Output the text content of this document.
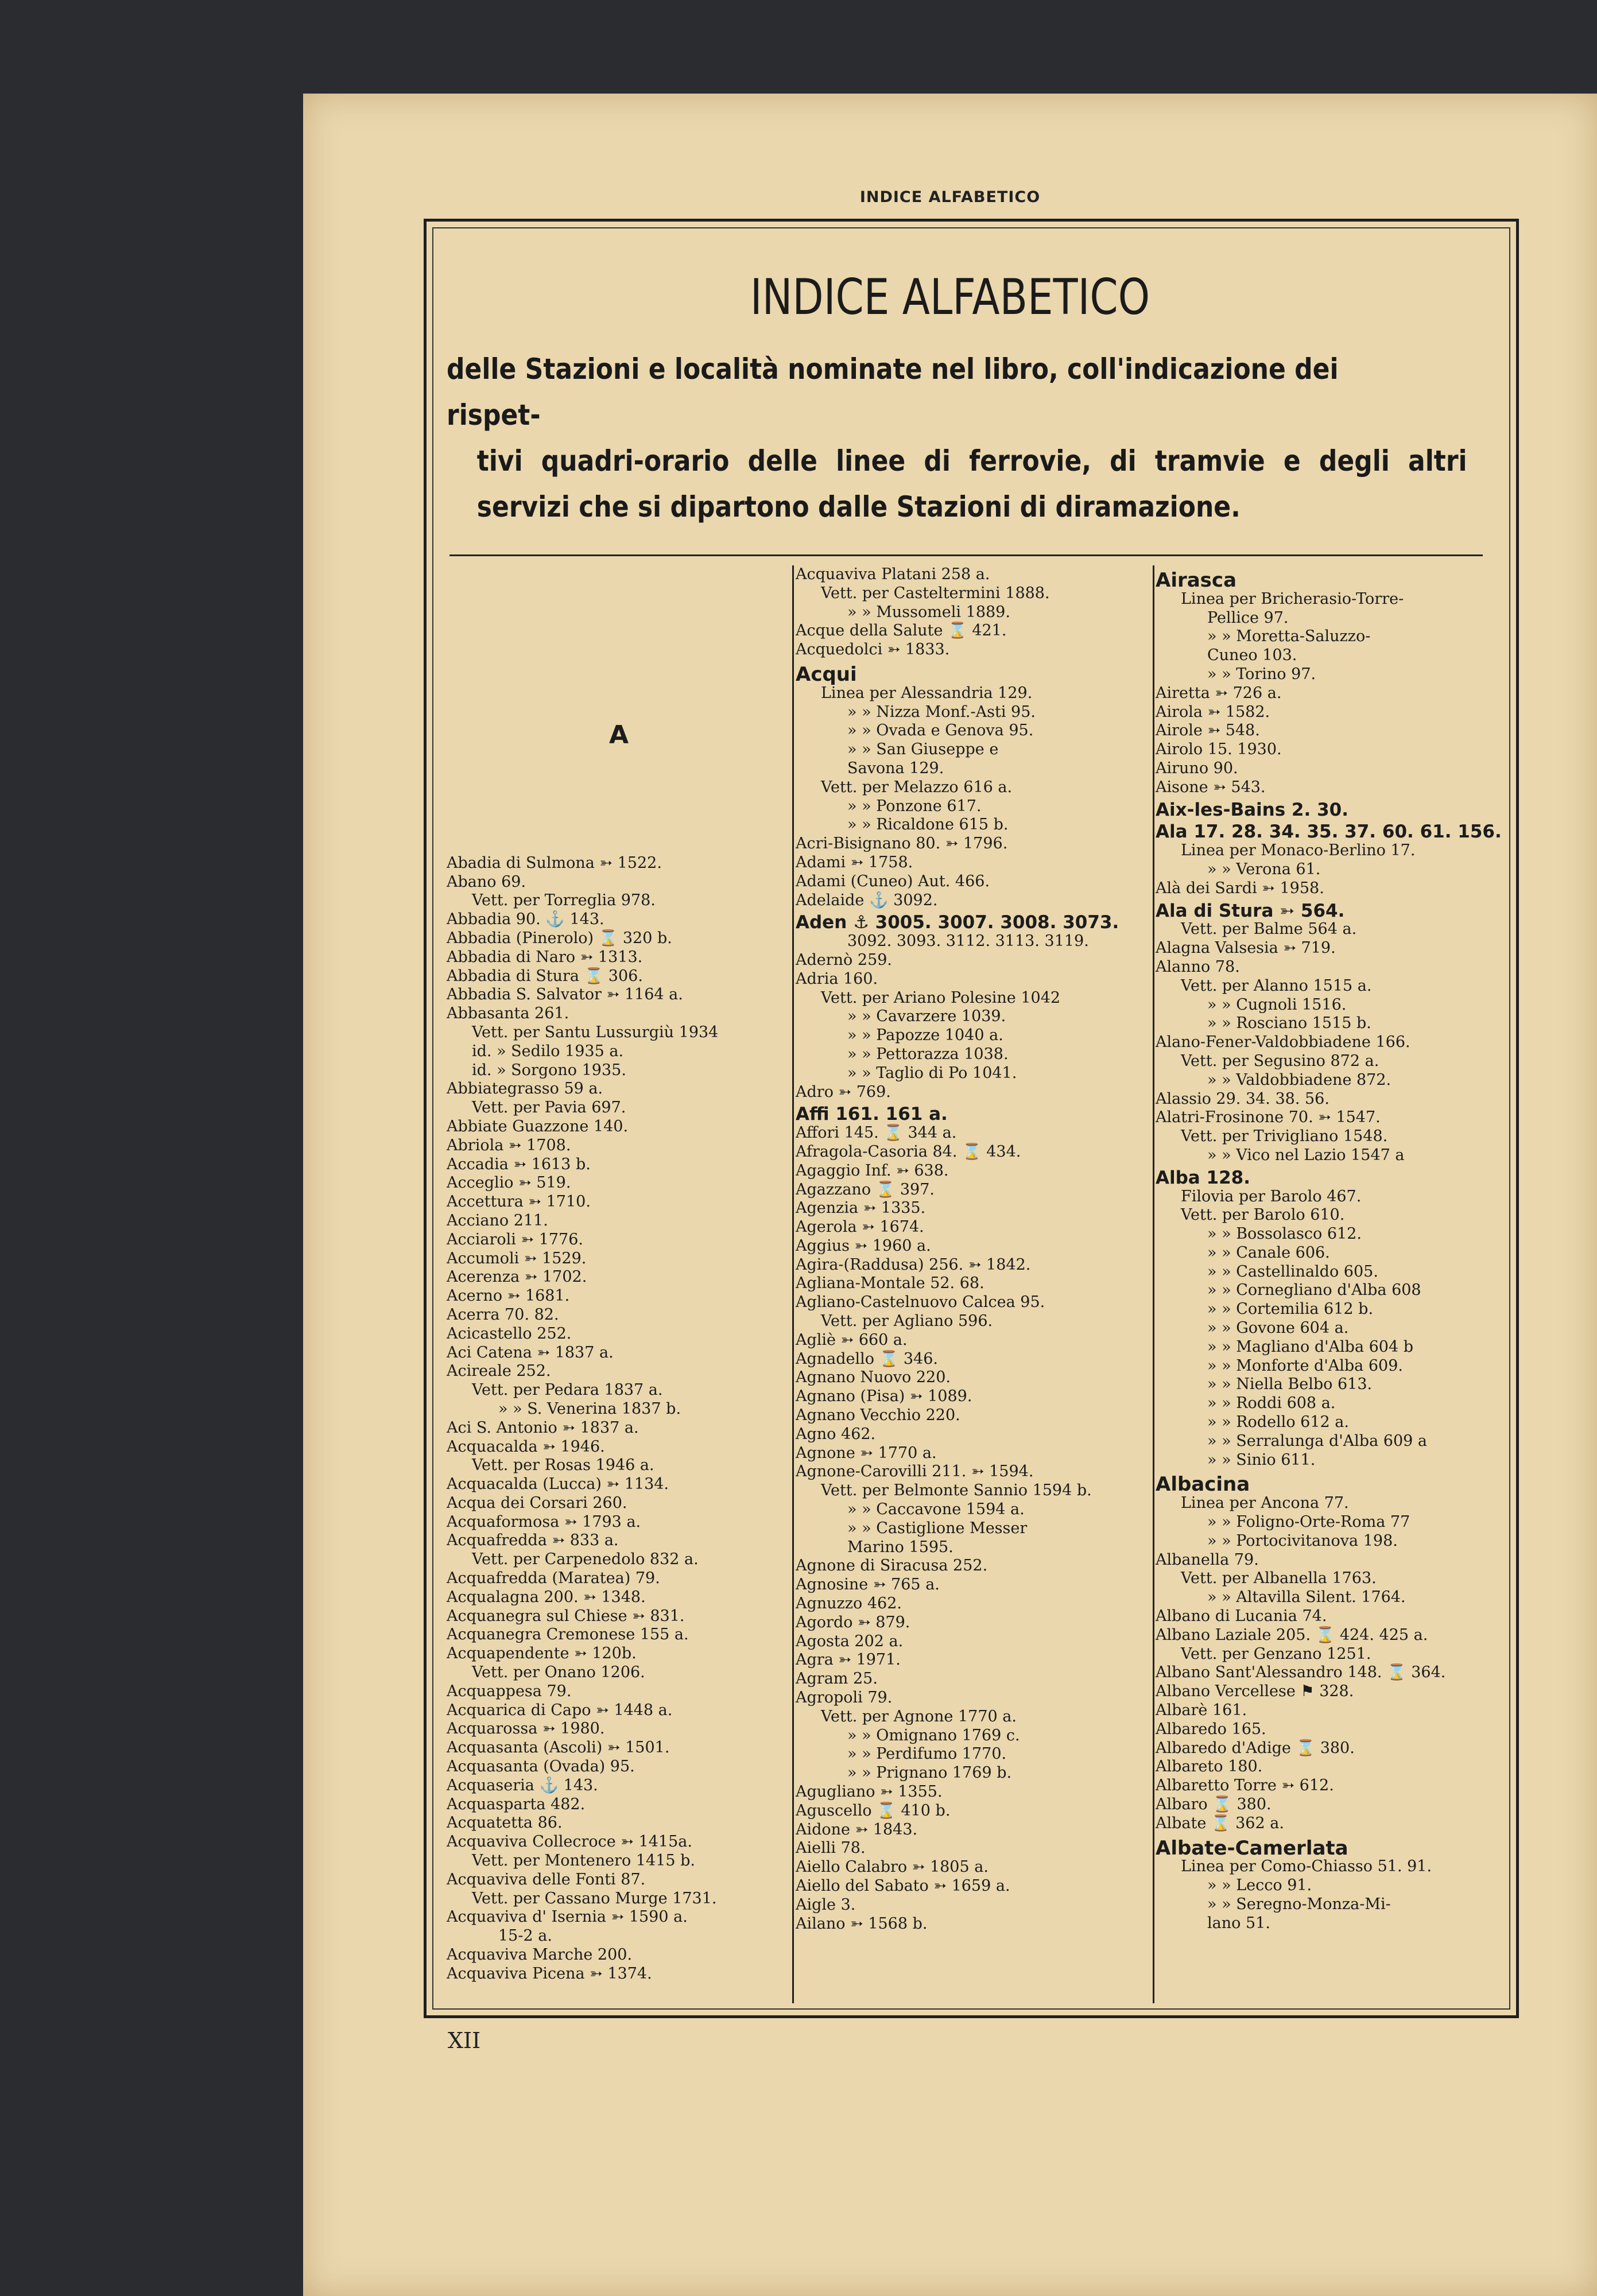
INDICE ALFABETICO
INDICE ALFABETICO
delle Stazioni e località nominate nel libro, coll'indicazione dei rispet-
tivi quadri-orario delle linee di ferrovie, di tramvie e degli altri
servizi che si dipartono dalle Stazioni di diramazione.
A
Abadia di Sulmona ➳ 1522.
Abano 69.
Vett. per Torreglia 978.
Abbadia 90. ⚓ 143.
Abbadia (Pinerolo) ⌛ 320 b.
Abbadia di Naro ➳ 1313.
Abbadia di Stura ⌛ 306.
Abbadia S. Salvator ➳ 1164 a.
Abbasanta 261.
Vett. per Santu Lussurgiù 1934
id. » Sedilo 1935 a.
id. » Sorgono 1935.
Abbiategrasso 59 a.
Vett. per Pavia 697.
Abbiate Guazzone 140.
Abriola ➳ 1708.
Accadia ➳ 1613 b.
Acceglio ➳ 519.
Accettura ➳ 1710.
Acciano 211.
Acciaroli ➳ 1776.
Accumoli ➳ 1529.
Acerenza ➳ 1702.
Acerno ➳ 1681.
Acerra 70. 82.
Acicastello 252.
Aci Catena ➳ 1837 a.
Acireale 252.
Vett. per Pedara 1837 a.
» » S. Venerina 1837 b.
Aci S. Antonio ➳ 1837 a.
Acquacalda ➳ 1946.
Vett. per Rosas 1946 a.
Acquacalda (Lucca) ➳ 1134.
Acqua dei Corsari 260.
Acquaformosa ➳ 1793 a.
Acquafredda ➳ 833 a.
Vett. per Carpenedolo 832 a.
Acquafredda (Maratea) 79.
Acqualagna 200. ➳ 1348.
Acquanegra sul Chiese ➳ 831.
Acquanegra Cremonese 155 a.
Acquapendente ➳ 120b.
Vett. per Onano 1206.
Acquappesa 79.
Acquarica di Capo ➳ 1448 a.
Acquarossa ➳ 1980.
Acquasanta (Ascoli) ➳ 1501.
Acquasanta (Ovada) 95.
Acquaseria ⚓ 143.
Acquasparta 482.
Acquatetta 86.
Acquaviva Collecroce ➳ 1415a.
Vett. per Montenero 1415 b.
Acquaviva delle Fonti 87.
Vett. per Cassano Murge 1731.
Acquaviva d' Isernia ➳ 1590 a.
15-2 a.
Acquaviva Marche 200.
Acquaviva Picena ➳ 1374.
Acquaviva Platani 258 a.
Vett. per Casteltermini 1888.
» » Mussomeli 1889.
Acque della Salute ⌛ 421.
Acquedolci ➳ 1833.
Acqui
Linea per Alessandria 129.
» » Nizza Monf.-Asti 95.
» » Ovada e Genova 95.
» » San Giuseppe e
Savona 129.
Vett. per Melazzo 616 a.
» » Ponzone 617.
» » Ricaldone 615 b.
Acri-Bisignano 80. ➳ 1796.
Adami ➳ 1758.
Adami (Cuneo) Aut. 466.
Adelaide ⚓ 3092.
Aden ⚓ 3005. 3007. 3008. 3073.
3092. 3093. 3112. 3113. 3119.
Adernò 259.
Adria 160.
Vett. per Ariano Polesine 1042
» » Cavarzere 1039.
» » Papozze 1040 a.
» » Pettorazza 1038.
» » Taglio di Po 1041.
Adro ➳ 769.
Affi 161. 161 a.
Affori 145. ⌛ 344 a.
Afragola-Casoria 84. ⌛ 434.
Agaggio Inf. ➳ 638.
Agazzano ⌛ 397.
Agenzia ➳ 1335.
Agerola ➳ 1674.
Aggius ➳ 1960 a.
Agira-(Raddusa) 256. ➳ 1842.
Agliana-Montale 52. 68.
Agliano-Castelnuovo Calcea 95.
Vett. per Agliano 596.
Agliè ➳ 660 a.
Agnadello ⌛ 346.
Agnano Nuovo 220.
Agnano (Pisa) ➳ 1089.
Agnano Vecchio 220.
Agno 462.
Agnone ➳ 1770 a.
Agnone-Carovilli 211. ➳ 1594.
Vett. per Belmonte Sannio 1594 b.
» » Caccavone 1594 a.
» » Castiglione Messer
Marino 1595.
Agnone di Siracusa 252.
Agnosine ➳ 765 a.
Agnuzzo 462.
Agordo ➳ 879.
Agosta 202 a.
Agra ➳ 1971.
Agram 25.
Agropoli 79.
Vett. per Agnone 1770 a.
» » Omignano 1769 c.
» » Perdifumo 1770.
» » Prignano 1769 b.
Agugliano ➳ 1355.
Aguscello ⌛ 410 b.
Aidone ➳ 1843.
Aielli 78.
Aiello Calabro ➳ 1805 a.
Aiello del Sabato ➳ 1659 a.
Aigle 3.
Ailano ➳ 1568 b.
Airasca
Linea per Bricherasio-Torre-
Pellice 97.
» » Moretta-Saluzzo-
Cuneo 103.
» » Torino 97.
Airetta ➳ 726 a.
Airola ➳ 1582.
Airole ➳ 548.
Airolo 15. 1930.
Airuno 90.
Aisone ➳ 543.
Aix-les-Bains 2. 30.
Ala 17. 28. 34. 35. 37. 60. 61. 156.
Linea per Monaco-Berlino 17.
» » Verona 61.
Alà dei Sardi ➳ 1958.
Ala di Stura ➳ 564.
Vett. per Balme 564 a.
Alagna Valsesia ➳ 719.
Alanno 78.
Vett. per Alanno 1515 a.
» » Cugnoli 1516.
» » Rosciano 1515 b.
Alano-Fener-Valdobbiadene 166.
Vett. per Segusino 872 a.
» » Valdobbiadene 872.
Alassio 29. 34. 38. 56.
Alatri-Frosinone 70. ➳ 1547.
Vett. per Trivigliano 1548.
» » Vico nel Lazio 1547 a
Alba 128.
Filovia per Barolo 467.
Vett. per Barolo 610.
» » Bossolasco 612.
» » Canale 606.
» » Castellinaldo 605.
» » Cornegliano d'Alba 608
» » Cortemilia 612 b.
» » Govone 604 a.
» » Magliano d'Alba 604 b
» » Monforte d'Alba 609.
» » Niella Belbo 613.
» » Roddi 608 a.
» » Rodello 612 a.
» » Serralunga d'Alba 609 a
» » Sinio 611.
Albacina
Linea per Ancona 77.
» » Foligno-Orte-Roma 77
» » Portocivitanova 198.
Albanella 79.
Vett. per Albanella 1763.
» » Altavilla Silent. 1764.
Albano di Lucania 74.
Albano Laziale 205. ⌛ 424. 425 a.
Vett. per Genzano 1251.
Albano Sant'Alessandro 148. ⌛ 364.
Albano Vercellese ⚑ 328.
Albarè 161.
Albaredo 165.
Albaredo d'Adige ⌛ 380.
Albareto 180.
Albaretto Torre ➳ 612.
Albaro ⌛ 380.
Albate ⌛ 362 a.
Albate-Camerlata
Linea per Como-Chiasso 51. 91.
» » Lecco 91.
» » Seregno-Monza-Mi-
lano 51.
XII
